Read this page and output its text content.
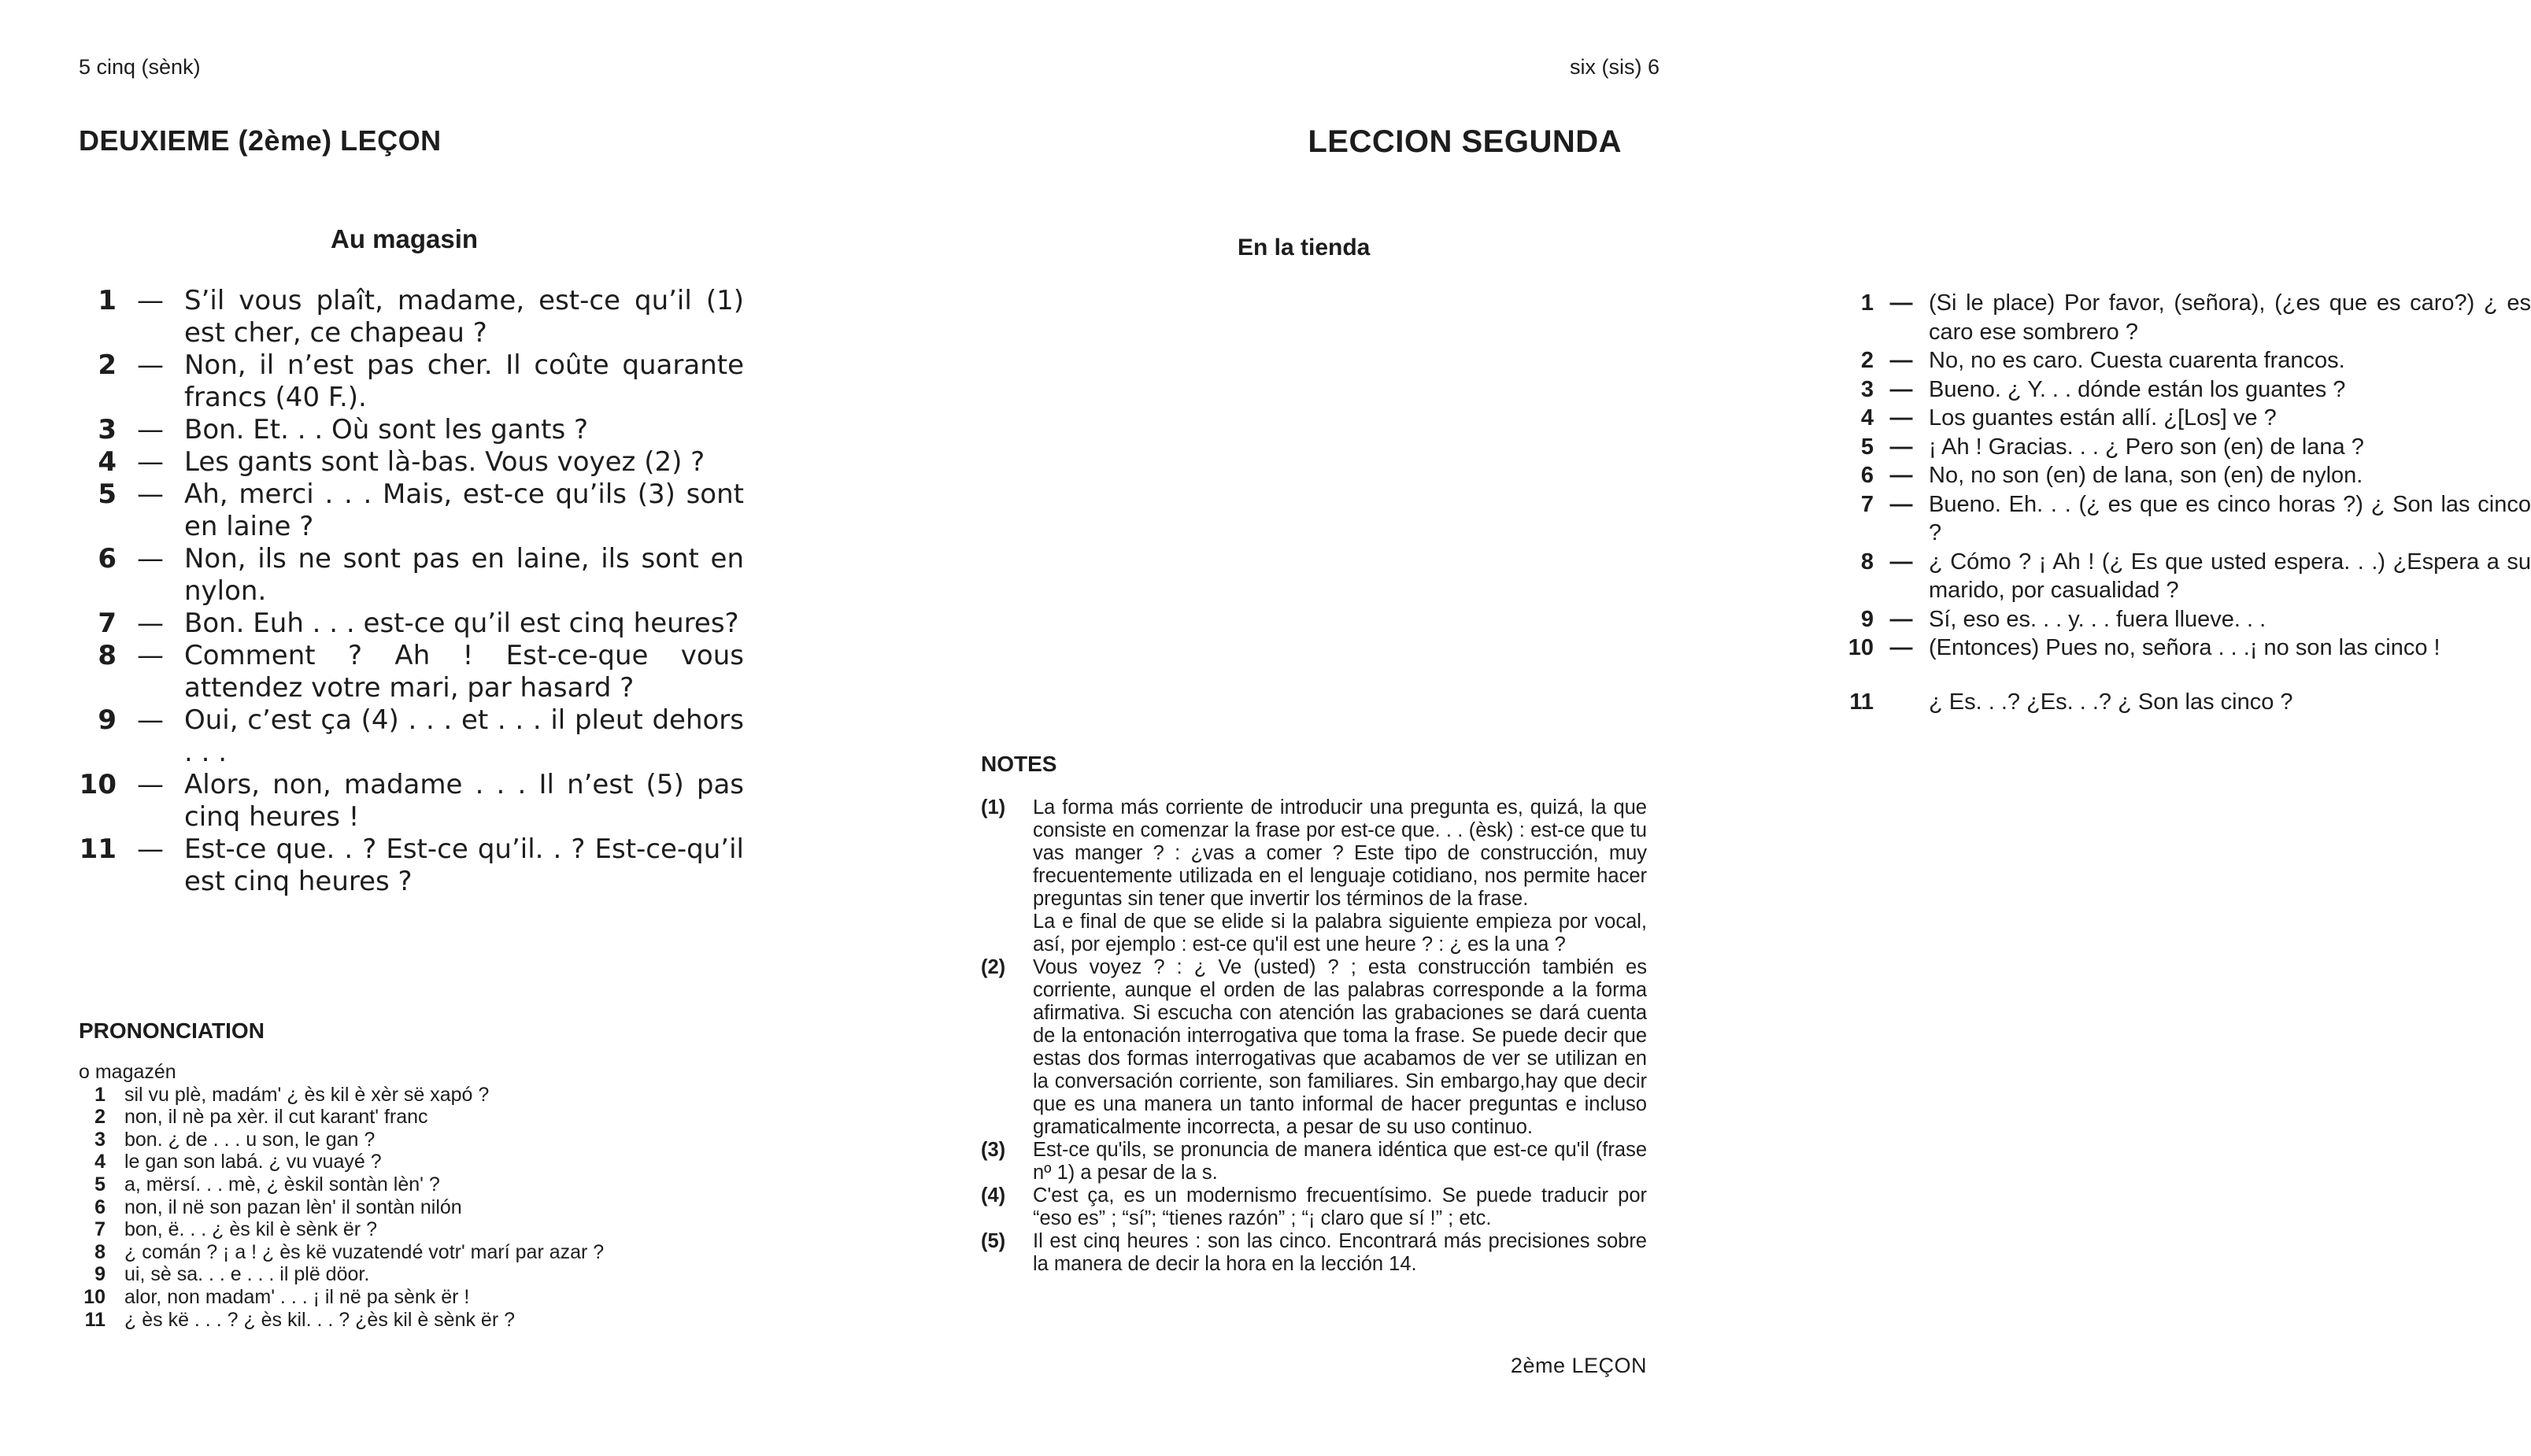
5 cinq (sènk)
DEUXIEME (2ème) LEÇON
Au magasin
1 — S’il vous plaît, madame, est-ce qu’il (1) est cher, ce chapeau ?
2 — Non, il n’est pas cher. Il coûte quarante francs (40 F.).
3 — Bon. Et. . . Où sont les gants ?
4 — Les gants sont là-bas. Vous voyez (2) ?
5 — Ah, merci . . . Mais, est-ce qu’ils (3) sont en laine ?
6 — Non, ils ne sont pas en laine, ils sont en nylon.
7 — Bon. Euh . . . est-ce qu’il est cinq heures?
8 — Comment ? Ah ! Est-ce-que vous attendez votre mari, par hasard ?
9 — Oui, c’est ça (4) . . . et . . . il pleut dehors . . .
10 — Alors, non, madame . . . Il n’est (5) pas cinq heures !
11 — Est-ce que. . ? Est-ce qu’il. . ? Est-ce-qu’il est cinq heures ?
PRONONCIATION
o magazén
1 sil vu plè, madám' ¿ ès kil è xèr së xapó ?
2 non, il nè pa xèr. il cut karant' franc
3 bon. ¿ de . . . u son, le gan ?
4 le gan son labá. ¿ vu vuayé ?
5 a, mërsí. . . mè, ¿ èskil sontàn lèn' ?
6 non, il në son pazan lèn' il sontàn nilón
7 bon, ë. . . ¿ ès kil è sènk ër ?
8 ¿ comán ? ¡ a ! ¿ ès kë vuzatendé votr' marí par azar ?
9 ui, sè sa. . . e . . . il plë döor.
10 alor, non madam' . . . ¡ il në pa sènk ër !
11 ¿ ès kë . . . ? ¿ ès kil. . . ? ¿ès kil è sènk ër ?
six (sis) 6
LECCION SEGUNDA
En la tienda
1 — (Si le place) Por favor, (señora), (¿es que es caro?) ¿ es caro ese sombrero ?
2 — No, no es caro. Cuesta cuarenta francos.
3 — Bueno. ¿ Y. . . dónde están los guantes ?
4 — Los guantes están allí. ¿[Los] ve ?
5 — ¡ Ah ! Gracias. . . ¿ Pero son (en) de lana ?
6 — No, no son (en) de lana, son (en) de nylon.
7 — Bueno. Eh. . . (¿ es que es cinco horas ?) ¿ Son las cinco ?
8 — ¿ Cómo ? ¡ Ah ! (¿ Es que usted espera. . .) ¿Espera a su marido, por casualidad ?
9 — Sí, eso es. . . y. . . fuera llueve. . .
10 — (Entonces) Pues no, señora . . .¡ no son las cinco !
11 ¿ Es. . .? ¿Es. . .? ¿ Son las cinco ?
2ème LEÇON
NOTES
(1)	La forma más corriente de introducir una pregunta es, quizá, la que consiste en comenzar la frase por est-ce que. . . (èsk) : est-ce que tu vas manger ? : ¿vas a comer ? Este tipo de construcción, muy frecuentemente utilizada en el lenguaje cotidiano, nos permite hacer preguntas sin tener que invertir los términos de la frase.

La e final de que se elide si la palabra siguiente empieza por vocal, así, por ejemplo : est-ce qu'il est une heure ? : ¿ es la una ?

(2)	Vous voyez ? : ¿ Ve (usted) ? ; esta construcción también es corriente, aunque el orden de las palabras corresponde a la forma afirmativa. Si escucha con atención las grabaciones se dará cuenta de la entonación interrogativa que toma la frase. Se puede decir que estas dos formas interrogativas que acabamos de ver se utilizan en la conversación corriente, son familiares. Sin embargo,hay que decir que es una manera un tanto informal de hacer preguntas e incluso gramaticalmente incorrecta, a pesar de su uso continuo.

(3)	Est-ce qu'ils, se pronuncia de manera idéntica que est-ce qu'il (frase nº 1) a pesar de la s.

(4)	C'est ça, es un modernismo frecuentísimo. Se puede traducir por “eso es” ; “sí”; “tienes razón” ; “¡ claro que sí !” ; etc.

(5)	Il est cinq heures : son las cinco. Encontrará más precisiones sobre la manera de decir la hora en la lección 14.
